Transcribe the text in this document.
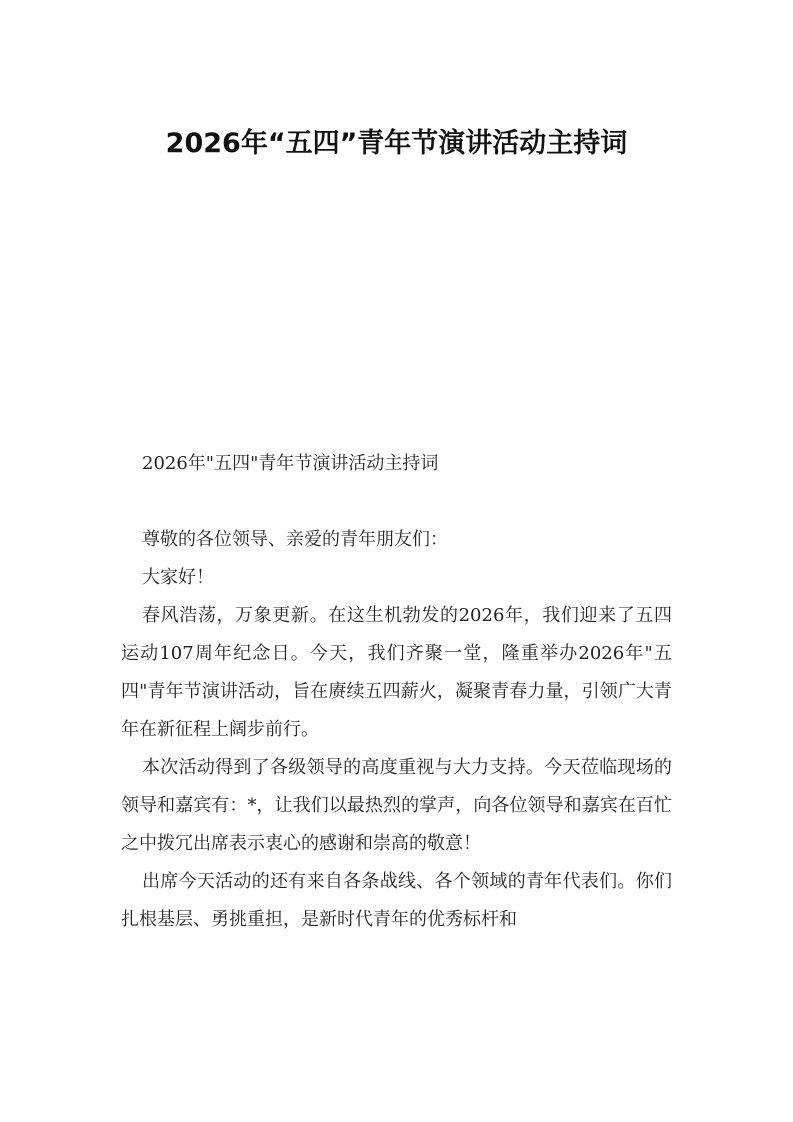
2026年“五四”青年节演讲活动主持词

2026年"五四"青年节演讲活动主持词

尊敬的各位领导、亲爱的青年朋友们：

大家好！

春风浩荡，万象更新。在这生机勃发的2026年，我们迎来了五四运动107周年纪念日。今天，我们齐聚一堂，隆重举办2026年"五四"青年节演讲活动，旨在赓续五四薪火，凝聚青春力量，引领广大青年在新征程上阔步前行。

本次活动得到了各级领导的高度重视与大力支持。今天莅临现场的领导和嘉宾有：*，让我们以最热烈的掌声，向各位领导和嘉宾在百忙之中拨冗出席表示衷心的感谢和崇高的敬意！

出席今天活动的还有来自各条战线、各个领域的青年代表们。你们扎根基层、勇挑重担，是新时代青年的优秀标杆和
